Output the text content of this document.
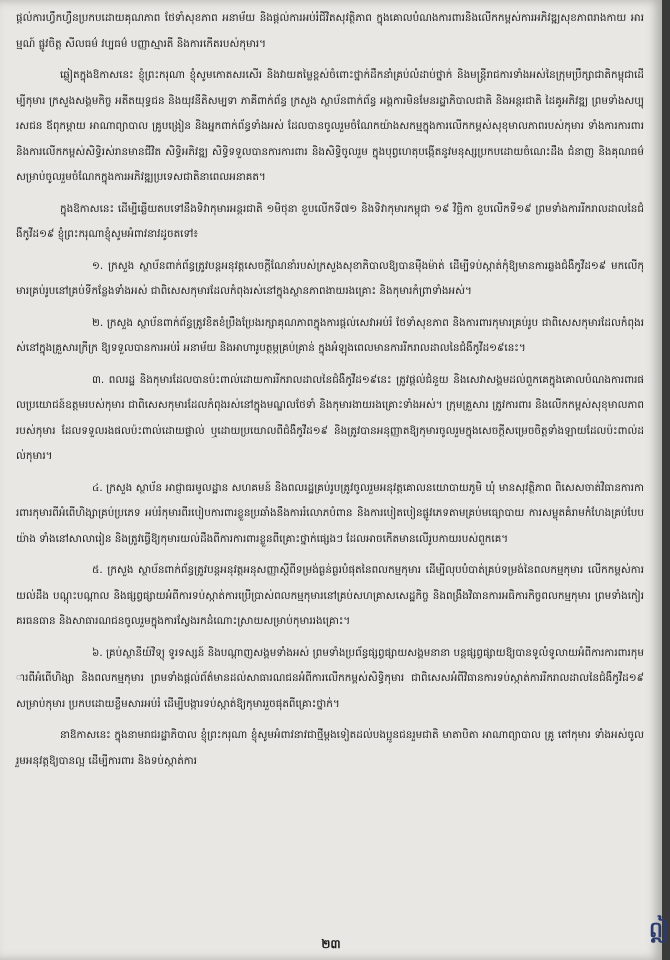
ផ្ដល់ការហ្វឹកហ្វឺនប្រកបដោយគុណភាព ថែទាំសុខភាព អនាម័យ និងផ្ដល់ការអប់រំជីវិតសុវត្ថិភាព ក្នុងគោលបំណងការពារនិងលើកកម្ពស់ការអភិវឌ្ឍសុខភាពរាងកាយ អារម្មណ៍ ផ្លូវចិត្ត សីលធម៌ វប្បធម៌ បញ្ញាស្មារតី និងការកើតរបស់កុមារ។

ឆ្លៀតក្នុងឱកាសនេះ ខ្ញុំព្រះករុណា ខ្ញុំសូមកោតសរសើរ និងវាយតម្លៃខ្ពស់ចំពោះថ្នាក់ដឹកនាំគ្រប់លំដាប់ថ្នាក់ និងមន្ត្រីរាជការទាំងអស់នៃក្រុមប្រឹក្សាជាតិកម្ពុជាដើម្បីកុមារ ក្រសួងសង្គមកិច្ច អតីតយុទ្ធជន និងយុវនីតិសម្បទា ភាគីពាក់ព័ន្ធ ក្រសួង ស្ថាប័នពាក់ព័ន្ធ អង្គការមិនមែនរដ្ឋាភិបាលជាតិ និងអន្តរជាតិ ដៃគូអភិវឌ្ឍ ព្រមទាំងសប្បុរសជន ឪពុកម្ដាយ អាណាព្យាបាល គ្រូបង្រៀន និងអ្នកពាក់ព័ន្ធទាំងអស់ ដែលបានចូលរួមចំណែកយ៉ាងសកម្មក្នុងការលើកកម្ពស់សុខុមាលភាពរបស់កុមារ ទាំងការការពារ និងការលើកកម្ពស់សិទ្ធិរស់រានមានជីវិត សិទ្ធិអភិវឌ្ឍ សិទ្ធិទទួលបានការការពារ និងសិទ្ធិចូលរួម ក្នុងបុព្វហេតុបង្កើតនូវមនុស្សប្រកបដោយចំណេះដឹង ជំនាញ និងគុណធម៌ សម្រាប់ចូលរួមចំណែកក្នុងការអភិវឌ្ឍប្រទេសជាតិនាពេលអនាគត។

ក្នុងឱកាសនេះ ដើម្បីឆ្លើយតបទៅនឹងទិវាកុមារអន្តរជាតិ ១មិថុនា ខួបលើកទី៧១ និងទិវាកុមារកម្ពុជា ១៩ វិច្ឆិកា ខួបលើកទី១៩ ព្រមទាំងការរីករាលដាលនៃជំងឺកូវីដ១៩ ខ្ញុំព្រះករុណាខ្ញុំសូមអំពាវនាវដូចតទៅ៖

១. ក្រសួង ស្ថាប័នពាក់ព័ន្ធត្រូវបន្តអនុវត្តសេចក្ដីណែនាំរបស់ក្រសួងសុខាភិបាលឱ្យបានម៉ឺងម៉ាត់ ដើម្បីទប់ស្កាត់កុំឱ្យមានការឆ្លងជំងឺកូវីដ១៩ មកលើកុមារគ្រប់រូបនៅគ្រប់ទីកន្លែងទាំងអស់ ជាពិសេសកុមារដែលកំពុងរស់នៅក្នុងស្ថានភាពងាយរងគ្រោះ និងកុមារកំព្រាទាំងអស់។

២. ក្រសួង ស្ថាប័នពាក់ព័ន្ធត្រូវខិតខំប្រឹងប្រែងរក្សាគុណភាពក្នុងការផ្ដល់សេវាអប់រំ ថែទាំសុខភាព និងការពារកុមារគ្រប់រូប ជាពិសេសកុមារដែលកំពុងរស់នៅក្នុងគ្រួសារក្រីក្រ ឱ្យទទួលបានការអប់រំ អនាម័យ និងអាហារូបត្ថម្ភគ្រប់គ្រាន់ ក្នុងអំឡុងពេលមានការរីករាលដាលនៃជំងឺកូវីដ១៩នេះ។

៣. ពលរដ្ឋ និងកុមារដែលបានប៉ះពាល់ដោយការរីករាលដាលនៃជំងឺកូវីដ១៩នេះ ត្រូវផ្ដល់ជំនួយ និងសេវាសង្គមដល់ពួកគេក្នុងគោលបំណងការពារផលប្រយោជន៍ឧត្តមរបស់កុមារ ជាពិសេសកុមារដែលកំពុងរស់នៅក្នុងមណ្ឌលថែទាំ និងកុមារងាយរងគ្រោះទាំងអស់។ ក្រុមគ្រួសារ ត្រូវការពារ និងលើកកម្ពស់សុខុមាលភាពរបស់កុមារ ដែលទទួលរងផលប៉ះពាល់ដោយផ្ទាល់ ឬដោយប្រយោលពីជំងឺកូវីដ១៩ និងត្រូវបានអនុញ្ញាតឱ្យកុមារចូលរួមក្នុងសេចក្ដីសម្រេចចិត្តទាំងឡាយដែលប៉ះពាល់ដល់កុមារ។

៤. ក្រសួង ស្ថាប័ន អាជ្ញាធរមូលដ្ឋាន សហគមន៍ និងពលរដ្ឋគ្រប់រូបត្រូវចូលរួមអនុវត្តគោលនយោបាយភូមិ ឃុំ មានសុវត្ថិភាព ពិសេសចាត់វិធានការការពារកុមារពីអំពើហិង្សាគ្រប់ប្រភេទ អប់រំកុមារពីរបៀបការពារខ្លួនប្រឆាំងនឹងការរំលោភបំពាន និងការបៀតបៀនផ្លូវភេទតាមគ្រប់មធ្យោបាយ ការសម្លុតគំរាមកំហែងគ្រប់បែបយ៉ាង ទាំងនៅសាលារៀន និងត្រូវធ្វើឱ្យកុមារយល់ដឹងពីការការពារខ្លួនពីគ្រោះថ្នាក់ផ្សេងៗ ដែលអាចកើតមានលើរូបកាយរបស់ពួកគេ។

៥. ក្រសួង ស្ថាប័នពាក់ព័ន្ធត្រូវបន្តអនុវត្តអនុសញ្ញាស្ដីពីទម្រង់ធ្ងន់ធ្ងរបំផុតនៃពលកម្មកុមារ ដើម្បីលុបបំបាត់គ្រប់ទម្រង់នៃពលកម្មកុមារ លើកកម្ពស់ការយល់ដឹង បណ្ដុះបណ្ដាល និងផ្សព្វផ្សាយអំពីការទប់ស្កាត់ការប្រើប្រាស់ពលកម្មកុមារនៅគ្រប់សហគ្រាសសេដ្ឋកិច្ច និងពង្រឹងវិធានការអធិការកិច្ចពលកម្មកុមារ ព្រមទាំងកៀរគរធនធាន និងសាធារណជនចូលរួមក្នុងការស្វែងរកដំណោះស្រាយសម្រាប់កុមាររងគ្រោះ។

៦. គ្រប់ស្ថានីយ៍វិទ្យុ ទូរទស្សន៍ និងបណ្ដាញសង្គមទាំងអស់ ព្រមទាំងប្រព័ន្ធផ្សព្វផ្សាយសង្គមនានា បន្តផ្សព្វផ្សាយឱ្យបានទូលំទូលាយអំពីការការពារកុមារពីអំពើហិង្សា និងពលកម្មកុមារ ព្រមទាំងផ្ដល់ព័ត៌មានដល់សាធារណជនអំពីការលើកកម្ពស់សិទ្ធិកុមារ ជាពិសេសអំពីវិធានការទប់ស្កាត់ការរីករាលដាលនៃជំងឺកូវីដ១៩ សម្រាប់កុមារ ប្រកបដោយខ្លឹមសារអប់រំ ដើម្បីបង្ការទប់ស្កាត់ឱ្យកុមាររួចផុតពីគ្រោះថ្នាក់។

នាឱកាសនេះ ក្នុងនាមរាជរដ្ឋាភិបាល ខ្ញុំព្រះករុណា ខ្ញុំសូមអំពាវនាវជាថ្មីម្ដងទៀតដល់បងប្អូនជនរួមជាតិ មាតាបិតា អាណាព្យាបាល គ្រូ តៅកុមារ ទាំងអស់ចូលរួមអនុវត្តឱ្យបានល្អ ដើម្បីការពារ និងទប់ស្កាត់ការ

២៣
ឦ
